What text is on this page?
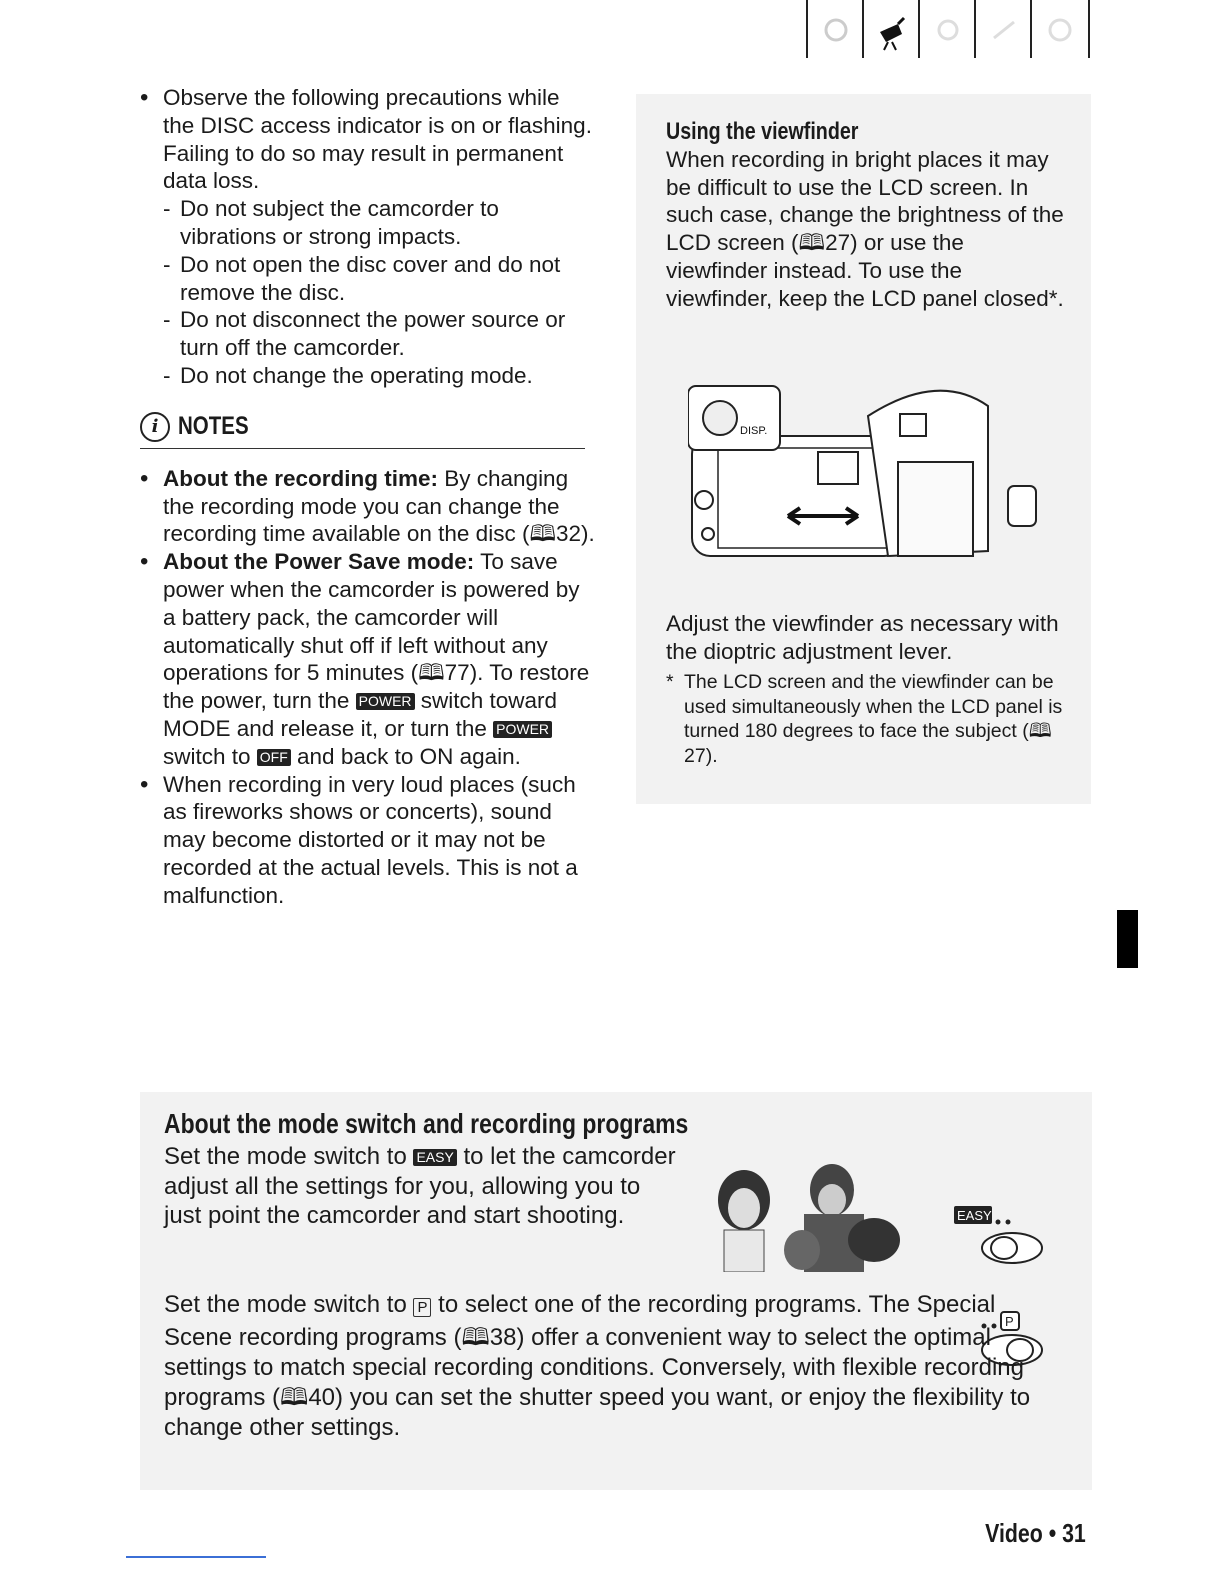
• Observe the following precautions while the DISC access indicator is on or flashing. Failing to do so may result in permanent data loss.
- Do not subject the camcorder to vibrations or strong impacts.
- Do not open the disc cover and do not remove the disc.
- Do not disconnect the power source or turn off the camcorder.
- Do not change the operating mode.
i NOTES
• About the recording time: By changing the recording mode you can change the recording time available on the disc (🕮32).
• About the Power Save mode: To save power when the camcorder is powered by a battery pack, the camcorder will automatically shut off if left without any operations for 5 minutes (🕮77). To restore the power, turn the POWER switch toward MODE and release it, or turn the POWER switch to OFF and back to ON again.
• When recording in very loud places (such as fireworks shows or concerts), sound may become distorted or it may not be recorded at the actual levels. This is not a malfunction.
Using the viewfinder
When recording in bright places it may be difficult to use the LCD screen. In such case, change the brightness of the LCD screen (🕮27) or use the viewfinder instead. To use the viewfinder, keep the LCD panel closed*.
DISP.
Adjust the viewfinder as necessary with the dioptric adjustment lever.
* The LCD screen and the viewfinder can be used simultaneously when the LCD panel is turned 180 degrees to face the subject (🕮27).
About the mode switch and recording programs
Set the mode switch to EASY to let the camcorder adjust all the settings for you, allowing you to just point the camcorder and start shooting.	EASY
P
Set the mode switch to P to select one of the recording programs. The Special Scene recording programs (🕮38) offer a convenient way to select the optimal settings to match special recording conditions. Conversely, with flexible recording programs (🕮40) you can set the shutter speed you want, or enjoy the flexibility to change other settings.
Video • 31
